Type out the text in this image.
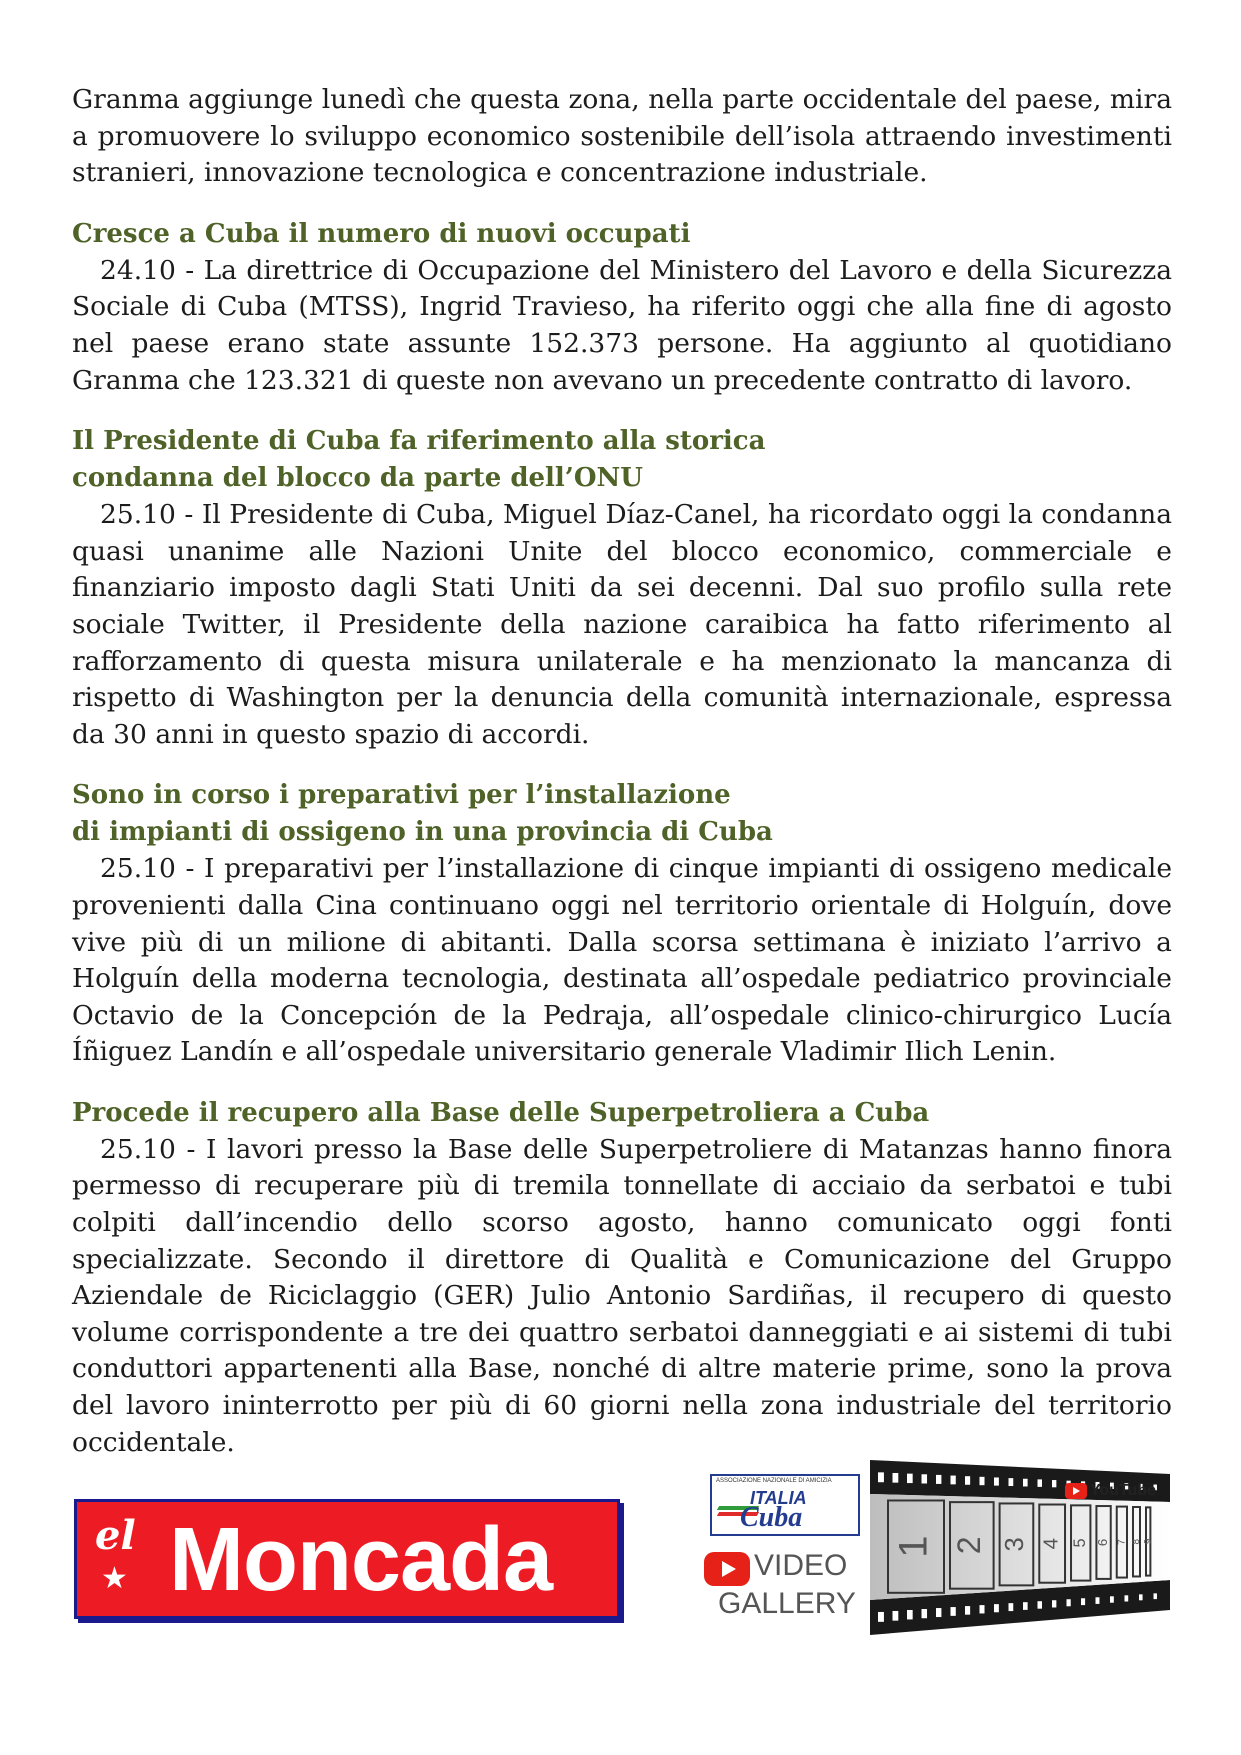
Granma aggiunge lunedì che questa zona, nella parte occidentale del paese, mira a promuovere lo sviluppo economico sostenibile dell’isola attraendo investimenti stranieri, innovazione tecnologica e concentrazione industriale.

Cresce a Cuba il numero di nuovi occupati

24.10 - La direttrice di Occupazione del Ministero del Lavoro e della Sicurezza Sociale di Cuba (MTSS), Ingrid Travieso, ha riferito oggi che alla fine di agosto nel paese erano state assunte 152.373 persone. Ha aggiunto al quotidiano Granma che 123.321 di queste non avevano un precedente contratto di lavoro.

Il Presidente di Cuba fa riferimento alla storica
condanna del blocco da parte dell’ONU

25.10 - Il Presidente di Cuba, Miguel Díaz-Canel, ha ricordato oggi la condanna quasi unanime alle Nazioni Unite del blocco economico, commerciale e finanziario imposto dagli Stati Uniti da sei decenni. Dal suo profilo sulla rete sociale Twitter, il Presidente della nazione caraibica ha fatto riferimento al rafforzamento di questa misura unilaterale e ha menzionato la mancanza di rispetto di Washington per la denuncia della comunità internazionale, espressa da 30 anni in questo spazio di accordi.

Sono in corso i preparativi per l’installazione
di impianti di ossigeno in una provincia di Cuba

25.10 - I preparativi per l’installazione di cinque impianti di ossigeno medicale provenienti dalla Cina continuano oggi nel territorio orientale di Holguín, dove vive più di un milione di abitanti. Dalla scorsa settimana è iniziato l’arrivo a Holguín della moderna tecnologia, destinata all’ospedale pediatrico provinciale Octavio de la Concepción de la Pedraja, all’ospedale clinico-chirurgico Lucía Íñiguez Landín e all’ospedale universitario generale Vladimir Ilich Lenin.

Procede il recupero alla Base delle Superpetroliera a Cuba

25.10 - I lavori presso la Base delle Superpetroliere di Matanzas hanno finora permesso di recuperare più di tremila tonnellate di acciaio da serbatoi e tubi colpiti dall’incendio dello scorso agosto, hanno comunicato oggi fonti specializzate. Secondo il direttore di Qualità e Comunicazione del Gruppo Aziendale de Riciclaggio (GER) Julio Antonio Sardiñas, il recupero di questo volume corrispondente a tre dei quattro serbatoi danneggiati e ai sistemi di tubi conduttori appartenenti alla Base, nonché di altre materie prime, sono la prova del lavoro ininterrotto per più di 60 giorni nella zona industriale del territorio occidentale.

el
★ Moncada
ASSOCIAZIONE NAZIONALE DI AMICIZIA
ITALIA
Cuba
VIDEO
GALLERY
1 2 3 4 5 6 7 8 9
YouTube
